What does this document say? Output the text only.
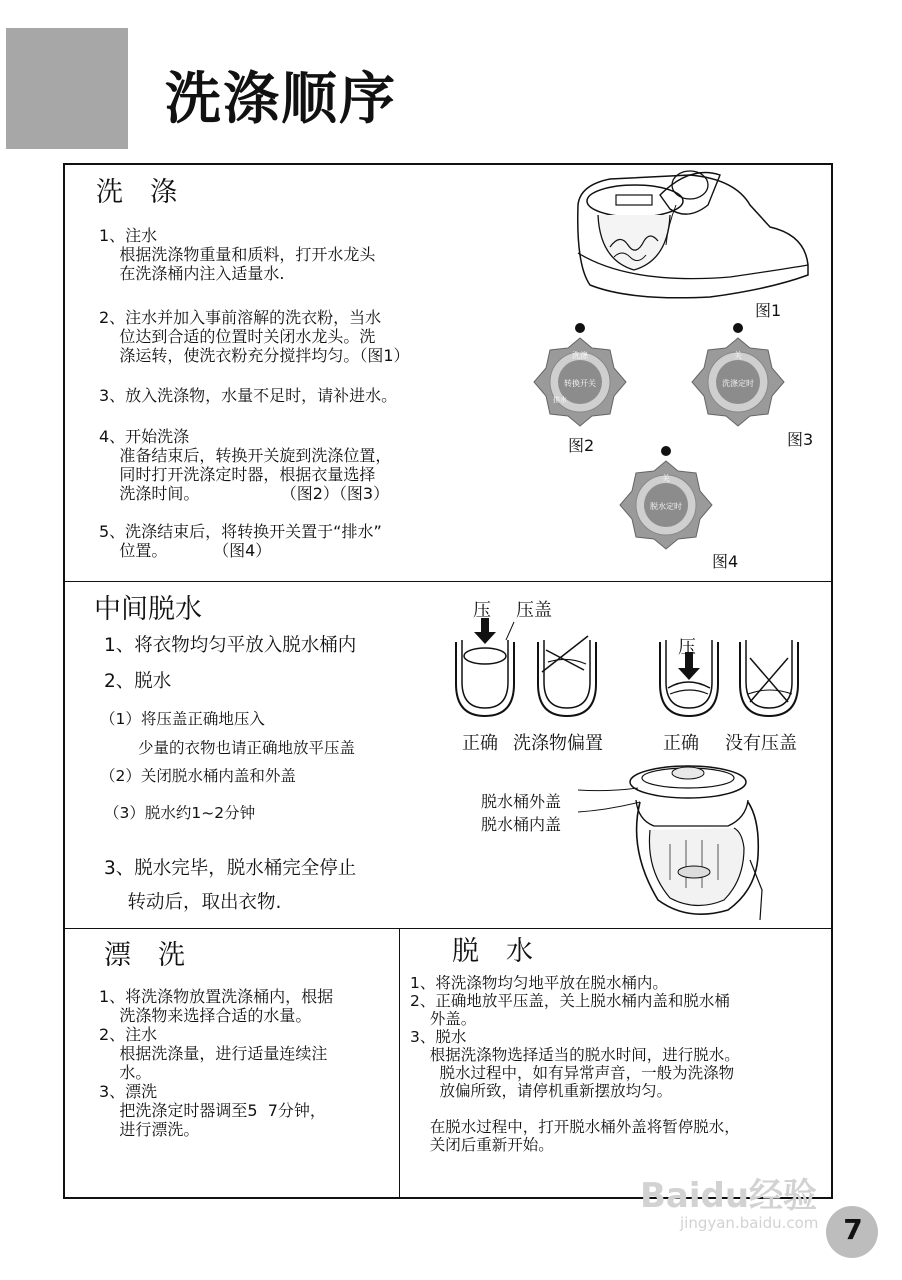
洗涤顺序
洗　涤
1、注水
根据洗涤物重量和质料，打开水龙头
在洗涤桶内注入适量水.
2、注水并加入事前溶解的洗衣粉，当水
位达到合适的位置时关闭水龙头。洗
涤运转，使洗衣粉充分搅拌均匀。（图1）
3、放入洗涤物，水量不足时，请补进水。
4、开始洗涤
准备结束后，转换开关旋到洗涤位置，
同时打开洗涤定时器，根据衣量选择
洗涤时间。                （图2）（图3）
5、洗涤结束后，将转换开关置于“排水”
位置。         （图4）
图1
转换开关
洗涤
排水
图2
洗涤定时
关
图3
脱水定时
关
图4
中间脱水
1、将衣物均匀平放入脱水桶内
2、脱水
（1）将压盖正确地压入
少量的衣物也请正确地放平压盖
（2）关闭脱水桶内盖和外盖
（3）脱水约1~2分钟
3、脱水完毕，脱水桶完全停止
转动后，取出衣物.
压 压盖
压
正确 洗涤物偏置	正确 没有压盖
脱水桶外盖
脱水桶内盖
漂　洗
1、将洗涤物放置洗涤桶内，根据
洗涤物来选择合适的水量。
2、注水
根据洗涤量，进行适量连续注
水。
3、漂洗
把洗涤定时器调至5  7分钟，
进行漂洗。
脱　水
1、将洗涤物均匀地平放在脱水桶内。
2、正确地放平压盖，关上脱水桶内盖和脱水桶
外盖。
3、脱水
根据洗涤物选择适当的脱水时间，进行脱水。
脱水过程中，如有异常声音，一般为洗涤物
放偏所致，请停机重新摆放均匀。

在脱水过程中，打开脱水桶外盖将暂停脱水，
关闭后重新开始。
Baidu经验
jingyan.baidu.com 7
